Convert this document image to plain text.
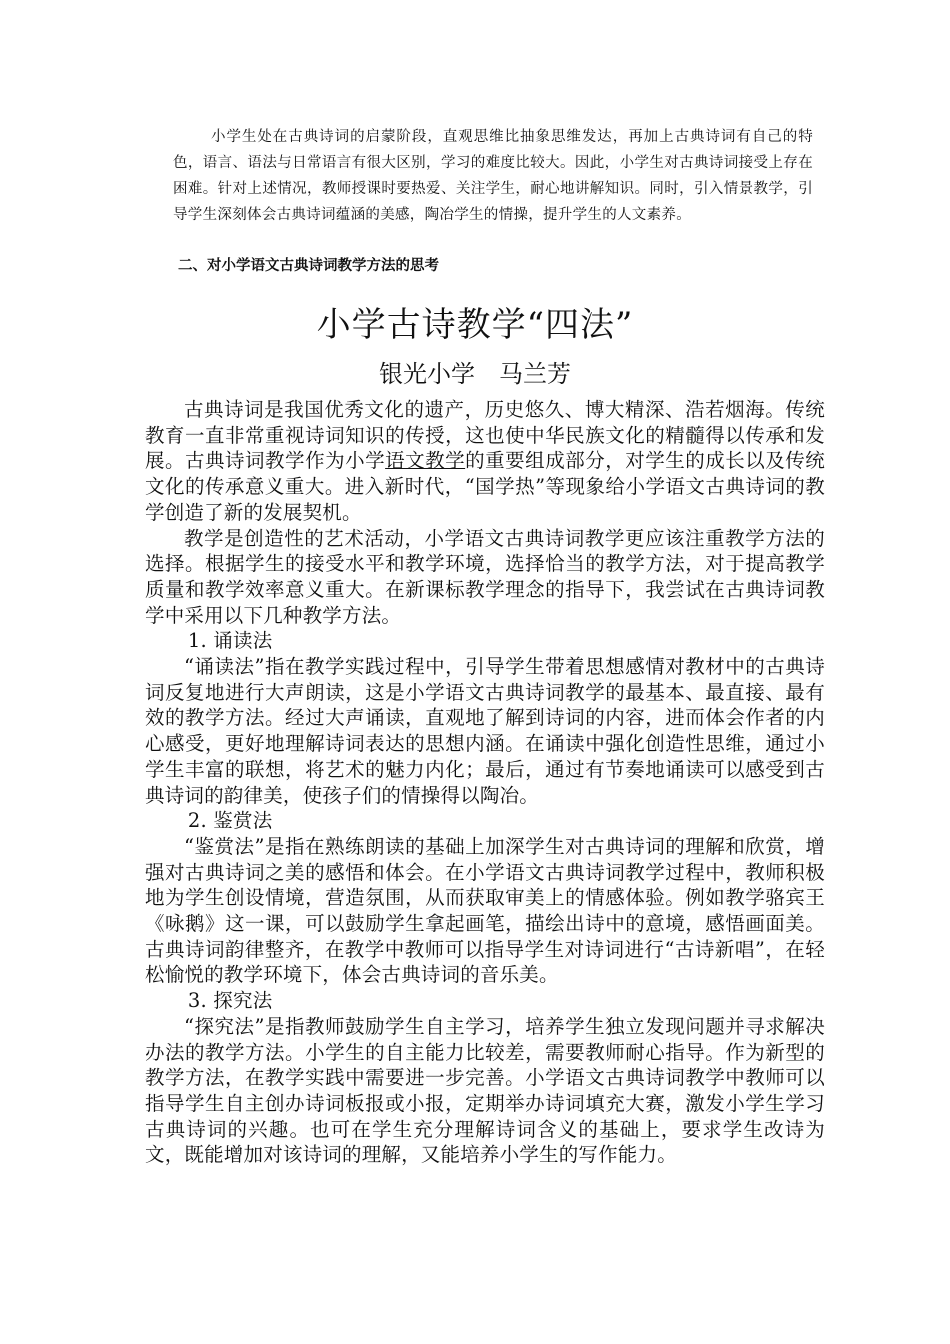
小学生处在古典诗词的启蒙阶段，直观思维比抽象思维发达，再加上古典诗词有自己的特色，语言、语法与日常语言有很大区别，学习的难度比较大。因此，小学生对古典诗词接受上存在困难。针对上述情况，教师授课时要热爱、关注学生，耐心地讲解知识。同时，引入情景教学，引导学生深刻体会古典诗词蕴涵的美感，陶冶学生的情操，提升学生的人文素养。
二、对小学语文古典诗词教学方法的思考
小学古诗教学“四法”
银光小学 马兰芳

古典诗词是我国优秀文化的遗产，历史悠久、博大精深、浩若烟海。传统教育一直非常重视诗词知识的传授，这也使中华民族文化的精髓得以传承和发展。古典诗词教学作为小学语文教学的重要组成部分，对学生的成长以及传统文化的传承意义重大。进入新时代，“国学热”等现象给小学语文古典诗词的教学创造了新的发展契机。

教学是创造性的艺术活动，小学语文古典诗词教学更应该注重教学方法的选择。根据学生的接受水平和教学环境，选择恰当的教学方法，对于提高教学质量和教学效率意义重大。在新课标教学理念的指导下，我尝试在古典诗词教学中采用以下几种教学方法。

1. 诵读法

“诵读法”指在教学实践过程中，引导学生带着思想感情对教材中的古典诗词反复地进行大声朗读，这是小学语文古典诗词教学的最基本、最直接、最有效的教学方法。经过大声诵读，直观地了解到诗词的内容，进而体会作者的内心感受，更好地理解诗词表达的思想内涵。在诵读中强化创造性思维，通过小学生丰富的联想，将艺术的魅力内化；最后，通过有节奏地诵读可以感受到古典诗词的韵律美，使孩子们的情操得以陶冶。

2. 鉴赏法

“鉴赏法”是指在熟练朗读的基础上加深学生对古典诗词的理解和欣赏，增强对古典诗词之美的感悟和体会。在小学语文古典诗词教学过程中，教师积极地为学生创设情境，营造氛围，从而获取审美上的情感体验。例如教学骆宾王《咏鹅》这一课，可以鼓励学生拿起画笔，描绘出诗中的意境，感悟画面美。古典诗词韵律整齐，在教学中教师可以指导学生对诗词进行“古诗新唱”，在轻松愉悦的教学环境下，体会古典诗词的音乐美。

3. 探究法

“探究法”是指教师鼓励学生自主学习，培养学生独立发现问题并寻求解决办法的教学方法。小学生的自主能力比较差，需要教师耐心指导。作为新型的教学方法，在教学实践中需要进一步完善。小学语文古典诗词教学中教师可以指导学生自主创办诗词板报或小报，定期举办诗词填充大赛，激发小学生学习古典诗词的兴趣。也可在学生充分理解诗词含义的基础上，要求学生改诗为文，既能增加对该诗词的理解，又能培养小学生的写作能力。
